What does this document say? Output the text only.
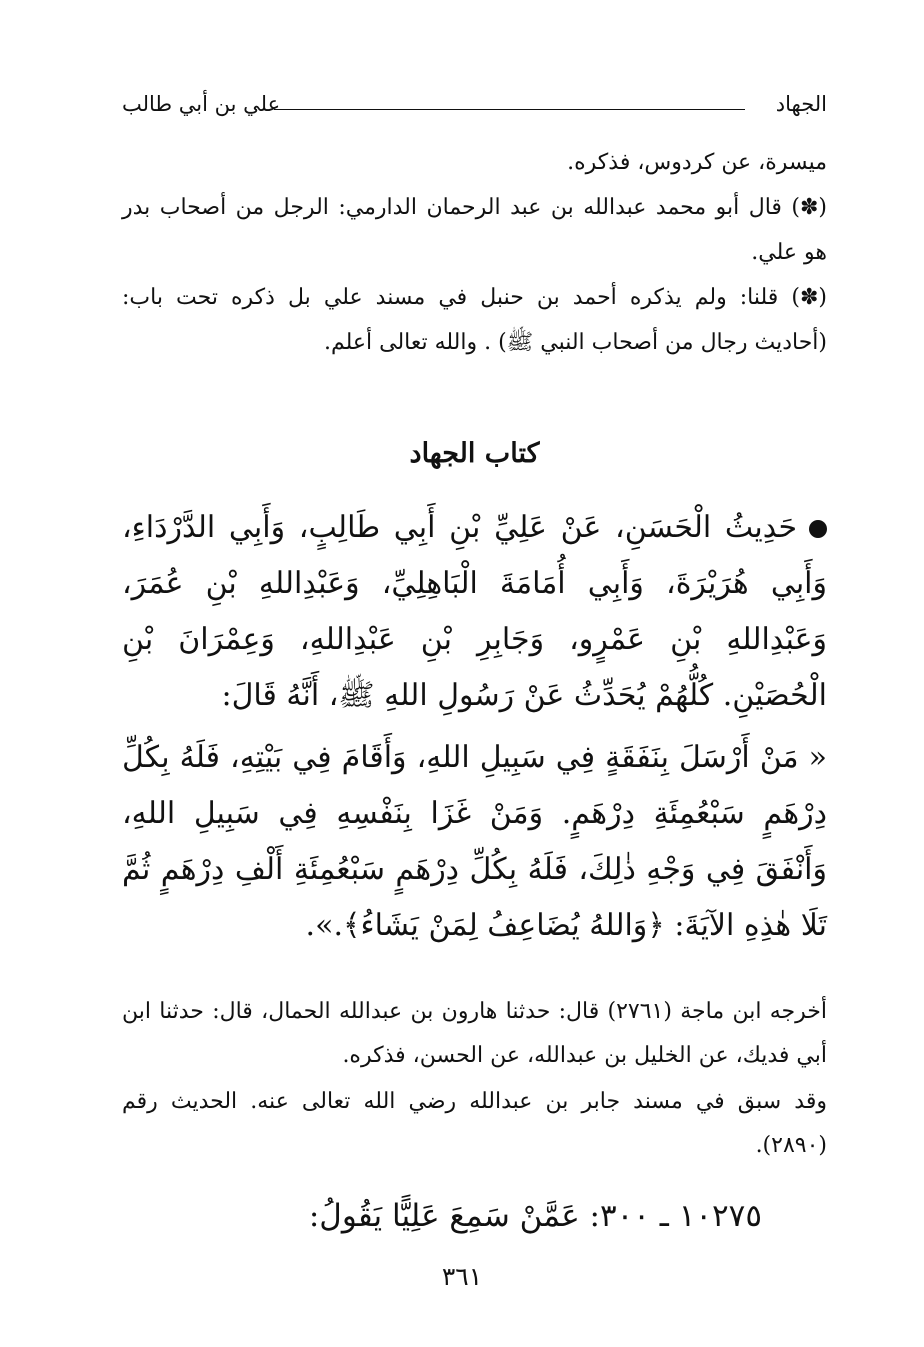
الجهاد
علي بن أبي طالب
ميسرة، عن كردوس، فذكره.
(✽) قال أبو محمد عبدالله بن عبد الرحمان الدارمي: الرجل من أصحاب بدر هو علي.
(✽) قلنا: ولم يذكره أحمد بن حنبل في مسند علي بل ذكره تحت باب: (أحاديث رجال من أصحاب النبي ﷺ) . والله تعالى أعلم.
كتاب الجهاد
حَدِيثُ الْحَسَنِ، عَنْ عَلِيِّ بْنِ أَبِي طَالِبٍ، وَأَبِي الدَّرْدَاءِ، وَأَبِي هُرَيْرَةَ، وَأَبِي أُمَامَةَ الْبَاهِلِيِّ، وَعَبْدِاللهِ بْنِ عُمَرَ، وَعَبْدِاللهِ بْنِ عَمْرٍو، وَجَابِرِ بْنِ عَبْدِاللهِ، وَعِمْرَانَ بْنِ الْحُصَيْنِ. كُلُّهُمْ يُحَدِّثُ عَنْ رَسُولِ اللهِ ﷺ، أَنَّهُ قَالَ:
« مَنْ أَرْسَلَ بِنَفَقَةٍ فِي سَبِيلِ اللهِ، وَأَقَامَ فِي بَيْتِهِ، فَلَهُ بِكُلِّ دِرْهَمٍ سَبْعُمِئَةِ دِرْهَمٍ. وَمَنْ غَزَا بِنَفْسِهِ فِي سَبِيلِ اللهِ، وَأَنْفَقَ فِي وَجْهِ ذٰلِكَ، فَلَهُ بِكُلِّ دِرْهَمٍ سَبْعُمِئَةِ أَلْفِ دِرْهَمٍ ثُمَّ تَلَا هٰذِهِ الآيَةَ: ﴿وَاللهُ يُضَاعِفُ لِمَنْ يَشَاءُ﴾.».
أخرجه ابن ماجة (٢٧٦١) قال: حدثنا هارون بن عبدالله الحمال، قال: حدثنا ابن أبي فديك، عن الخليل بن عبدالله، عن الحسن، فذكره.
وقد سبق في مسند جابر بن عبدالله رضي الله تعالى عنه. الحديث رقم (٢٨٩٠).
١٠٢٧٥ ـ ٣٠٠: عَمَّنْ سَمِعَ عَلِيًّا يَقُولُ:
٣٦١
